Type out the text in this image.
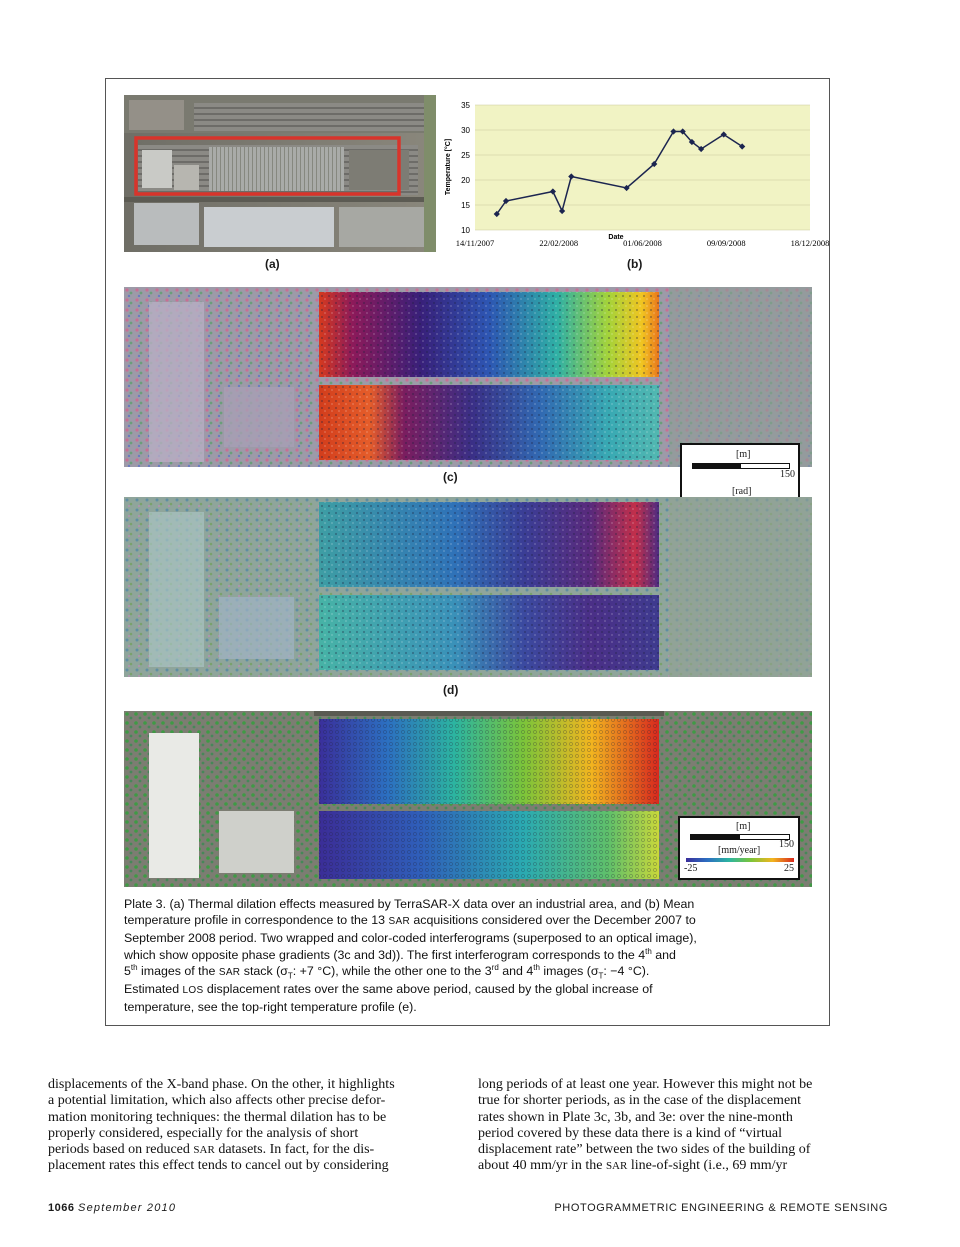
(a)
10
15
20
25
30
35
14/11/2007	22/02/2008	01/06/2008	09/09/2008	18/12/2008
Temperature [°C]
Date
(b)
(c)
[m]
150
[rad]
(d)
[m]
150
[mm/year]
-25	25
Plate 3. (a) Thermal dilation effects measured by TerraSAR-X data over an industrial area, and (b) Mean
temperature profile in correspondence to the 13 SAR acquisitions considered over the December 2007 to
September 2008 period. Two wrapped and color-coded interferograms (superposed to an optical image),
which show opposite phase gradients (3c and 3d)). The first interferogram corresponds to the 4th and
5th images of the SAR stack ($\sigma_T$: +7 °C), while the other one to the 3rd and 4th images ($\sigma_T$: −4 °C).
Estimated LOS displacement rates over the same above period, caused by the global increase of
temperature, see the top-right temperature profile (e).
displacements of the X-band phase. On the other, it highlights
a potential limitation, which also affects other precise defor-
mation monitoring techniques: the thermal dilation has to be
properly considered, especially for the analysis of short
periods based on reduced SAR datasets. In fact, for the dis-
placement rates this effect tends to cancel out by considering
long periods of at least one year. However this might not be
true for shorter periods, as in the case of the displacement
rates shown in Plate 3c, 3b, and 3e: over the nine-month
period covered by these data there is a kind of “virtual
displacement rate” between the two sides of the building of
about 40 mm/yr in the SAR line-of-sight (i.e., 69 mm/yr
1066 September 2010	PHOTOGRAMMETRIC ENGINEERING & REMOTE SENSING
